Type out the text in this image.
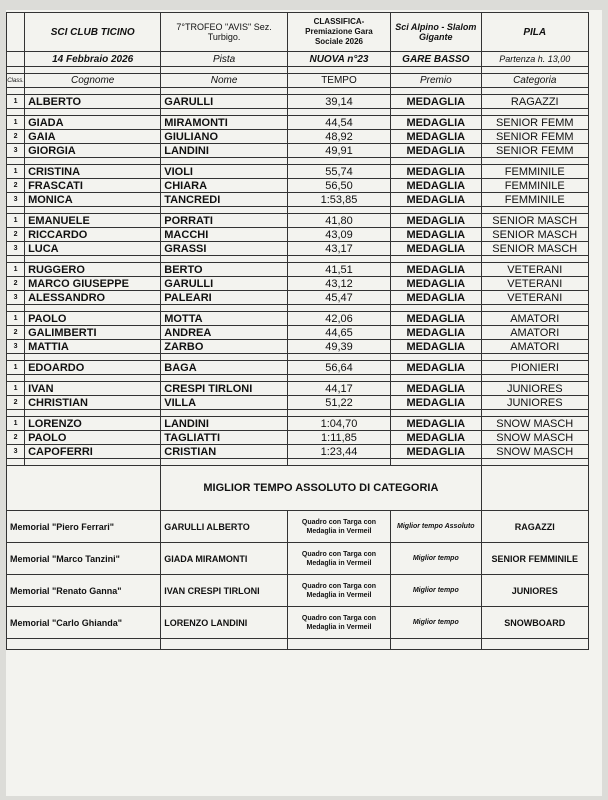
	SCI CLUB TICINO	7°TROFEO "AVIS" Sez. Turbigo.	CLASSIFICA- Premiazione Gara Sociale 2026	Sci Alpino - Slalom Gigante	PILA
	14 Febbraio 2026	Pista	NUOVA n°23	GARE BASSO	Partenza h. 13,00

Class.	Cognome	Nome	TEMPO	Premio	Categoria

1	ALBERTO	GARULLI	39,14	MEDAGLIA	RAGAZZI

1	GIADA	MIRAMONTI	44,54	MEDAGLIA	SENIOR FEMM
2	GAIA	GIULIANO	48,92	MEDAGLIA	SENIOR FEMM
3	GIORGIA	LANDINI	49,91	MEDAGLIA	SENIOR FEMM

1	CRISTINA	VIOLI	55,74	MEDAGLIA	FEMMINILE
2	FRASCATI	CHIARA	56,50	MEDAGLIA	FEMMINILE
3	MONICA	TANCREDI	1:53,85	MEDAGLIA	FEMMINILE

1	EMANUELE	PORRATI	41,80	MEDAGLIA	SENIOR MASCH
2	RICCARDO	MACCHI	43,09	MEDAGLIA	SENIOR MASCH
3	LUCA	GRASSI	43,17	MEDAGLIA	SENIOR MASCH

1	RUGGERO	BERTO	41,51	MEDAGLIA	VETERANI
2	MARCO GIUSEPPE	GARULLI	43,12	MEDAGLIA	VETERANI
3	ALESSANDRO	PALEARI	45,47	MEDAGLIA	VETERANI

1	PAOLO	MOTTA	42,06	MEDAGLIA	AMATORI
2	GALIMBERTI	ANDREA	44,65	MEDAGLIA	AMATORI
3	MATTIA	ZARBO	49,39	MEDAGLIA	AMATORI

1	EDOARDO	BAGA	56,64	MEDAGLIA	PIONIERI

1	IVAN	CRESPI TIRLONI	44,17	MEDAGLIA	JUNIORES
2	CHRISTIAN	VILLA	51,22	MEDAGLIA	JUNIORES

1	LORENZO	LANDINI	1:04,70	MEDAGLIA	SNOW MASCH
2	PAOLO	TAGLIATTI	1:11,85	MEDAGLIA	SNOW MASCH
3	CAPOFERRI	CRISTIAN	1:23,44	MEDAGLIA	SNOW MASCH

		MIGLIOR TEMPO ASSOLUTO DI CATEGORIA			
Memorial "Piero Ferrari"		GARULLI ALBERTO	Quadro con Targa con Medaglia in Vermeil	Miglior tempo Assoluto	RAGAZZI
Memorial "Marco Tanzini"		GIADA MIRAMONTI	Quadro con Targa con Medaglia in Vermeil	Miglior tempo	SENIOR FEMMINILE
Memorial "Renato Ganna"		IVAN CRESPI TIRLONI	Quadro con Targa con Medaglia in Vermeil	Miglior tempo	JUNIORES
Memorial "Carlo Ghianda"		LORENZO LANDINI	Quadro con Targa con Medaglia in Vermeil	Miglior tempo	SNOWBOARD
